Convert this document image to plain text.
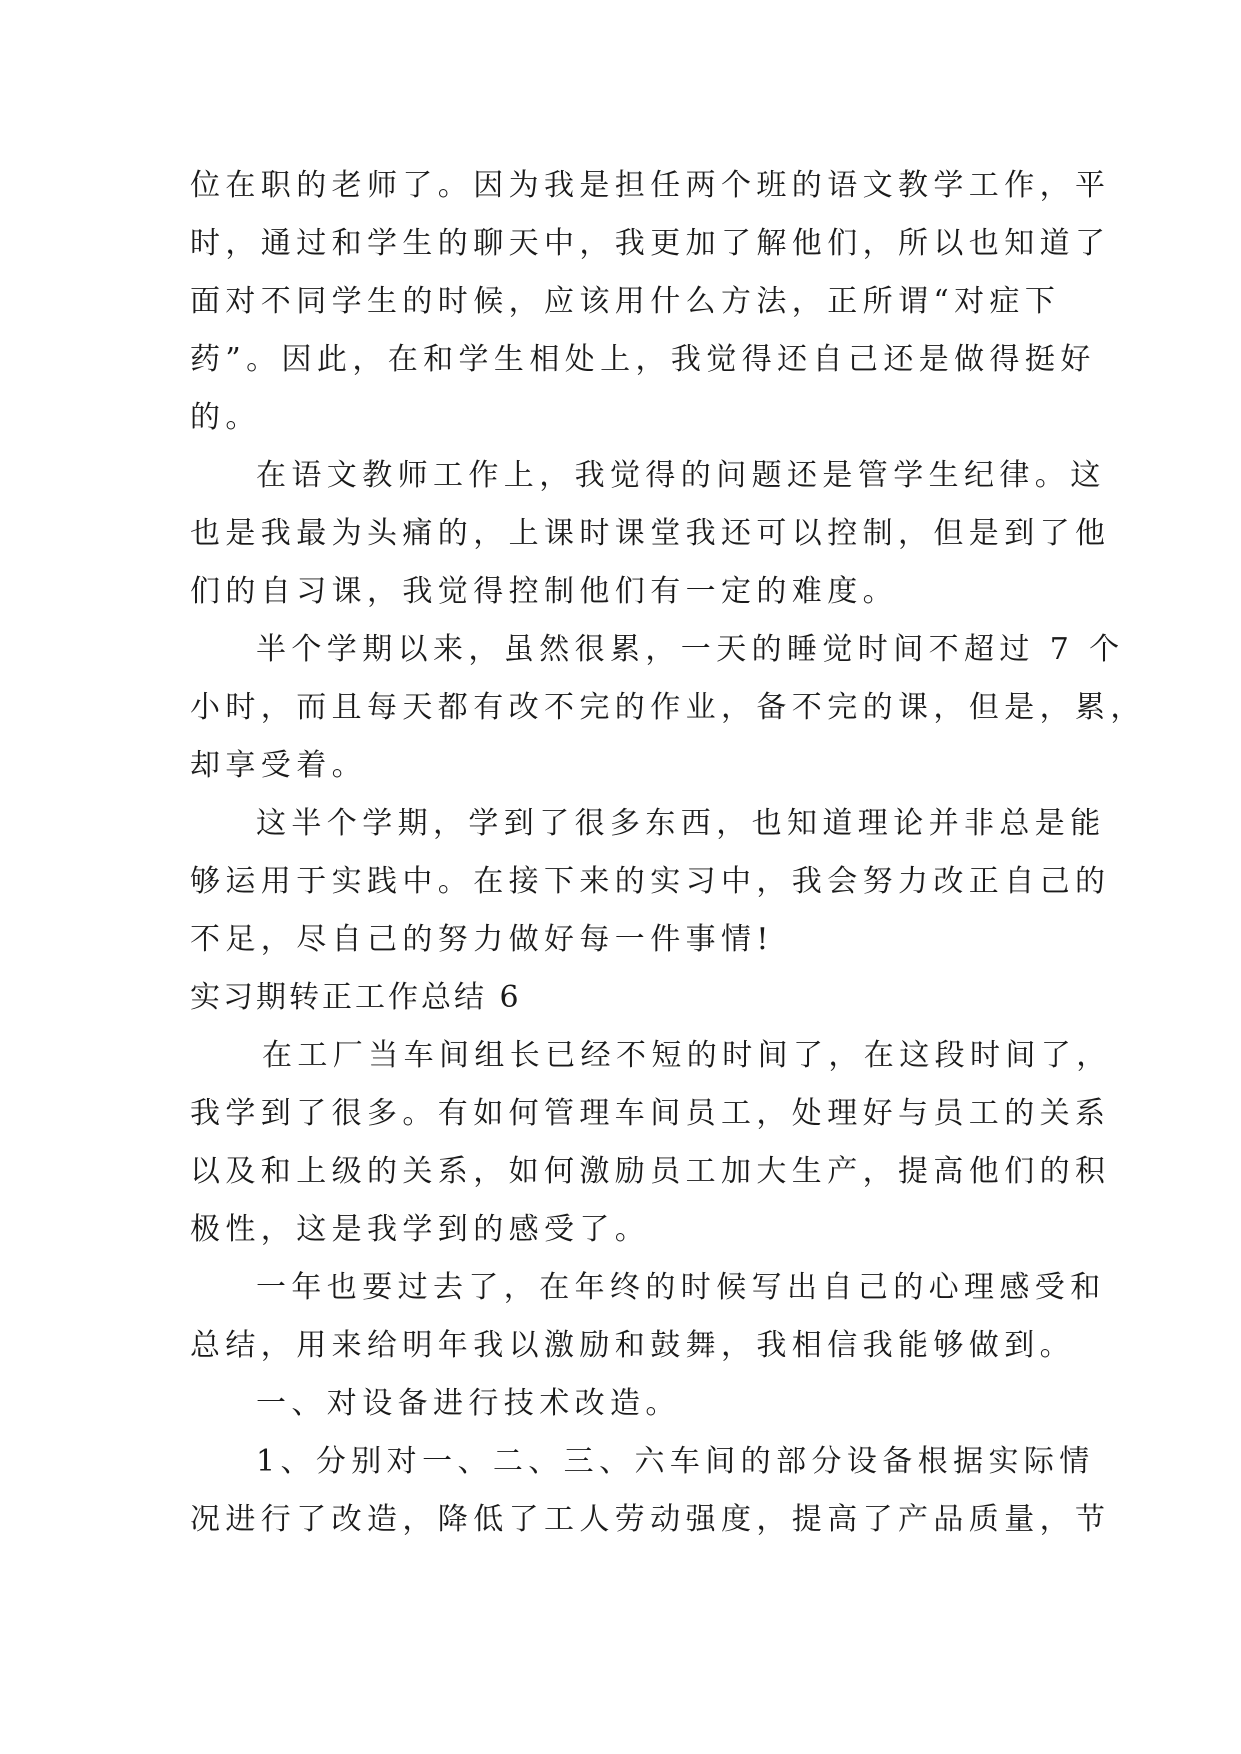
位在职的老师了。因为我是担任两个班的语文教学工作，平
时，通过和学生的聊天中，我更加了解他们，所以也知道了
面对不同学生的时候，应该用什么方法，正所谓“对症下
药”。因此，在和学生相处上，我觉得还自己还是做得挺好
的。
在语文教师工作上，我觉得的问题还是管学生纪律。这
也是我最为头痛的，上课时课堂我还可以控制，但是到了他
们的自习课，我觉得控制他们有一定的难度。
半个学期以来，虽然很累，一天的睡觉时间不超过 7 个
小时，而且每天都有改不完的作业，备不完的课，但是，累，
却享受着。
这半个学期，学到了很多东西，也知道理论并非总是能
够运用于实践中。在接下来的实习中，我会努力改正自己的
不足，尽自己的努力做好每一件事情!
实习期转正工作总结 6
在工厂当车间组长已经不短的时间了，在这段时间了，
我学到了很多。有如何管理车间员工，处理好与员工的关系
以及和上级的关系，如何激励员工加大生产，提高他们的积
极性，这是我学到的感受了。
一年也要过去了，在年终的时候写出自己的心理感受和
总结，用来给明年我以激励和鼓舞，我相信我能够做到。
一、对设备进行技术改造。
1、分别对一、二、三、六车间的部分设备根据实际情
况进行了改造，降低了工人劳动强度，提高了产品质量，节
